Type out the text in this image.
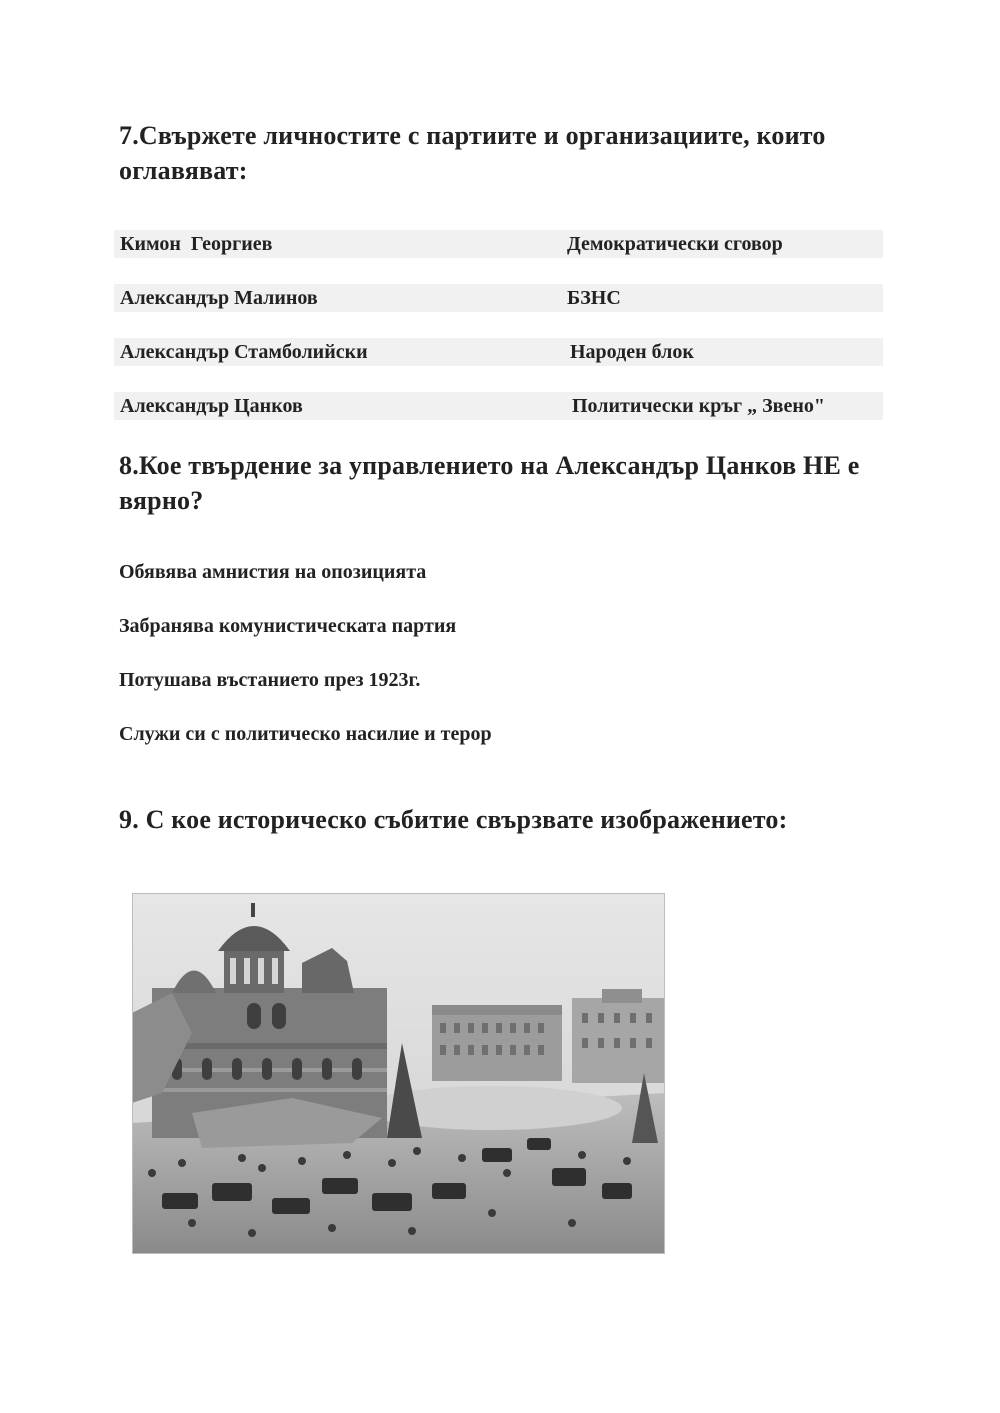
7.Свържете личностите с партиите и организациите, които оглавяват:
Кимон  Георгиев	Демократически сговор
Александър Малинов	БЗНС
Александър Стамболийски	Народен блок
Александър Цанков	Политически кръг „ Звено"
8.Кое твърдение за управлението на Александър Цанков НЕ е вярно?
Обявява амнистия на опозицията
Забранява комунистическата партия
Потушава въстанието през 1923г.
Служи си с политическо насилие и терор
9. С кое историческо събитие свързвате изображението:
